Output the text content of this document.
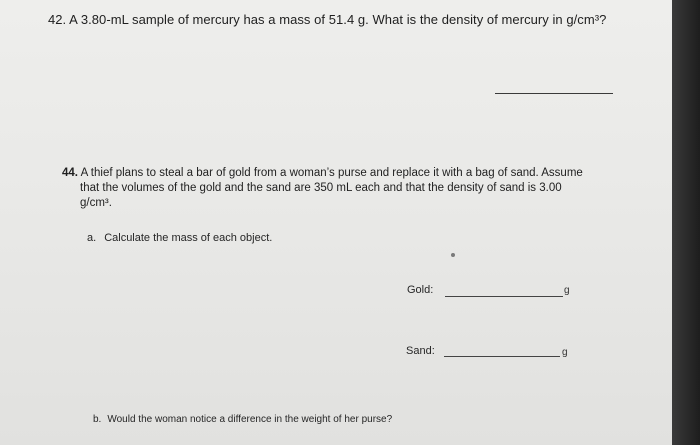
42. A 3.80-mL sample of mercury has a mass of 51.4 g. What is the density of mercury in g/cm³?
44. A thief plans to steal a bar of gold from a woman’s purse and replace it with a bag of sand. Assume
that the volumes of the gold and the sand are 350 mL each and that the density of sand is 3.00
g/cm³.
a. Calculate the mass of each object.
Gold:	g
Sand:	g
b. Would the woman notice a difference in the weight of her purse?
